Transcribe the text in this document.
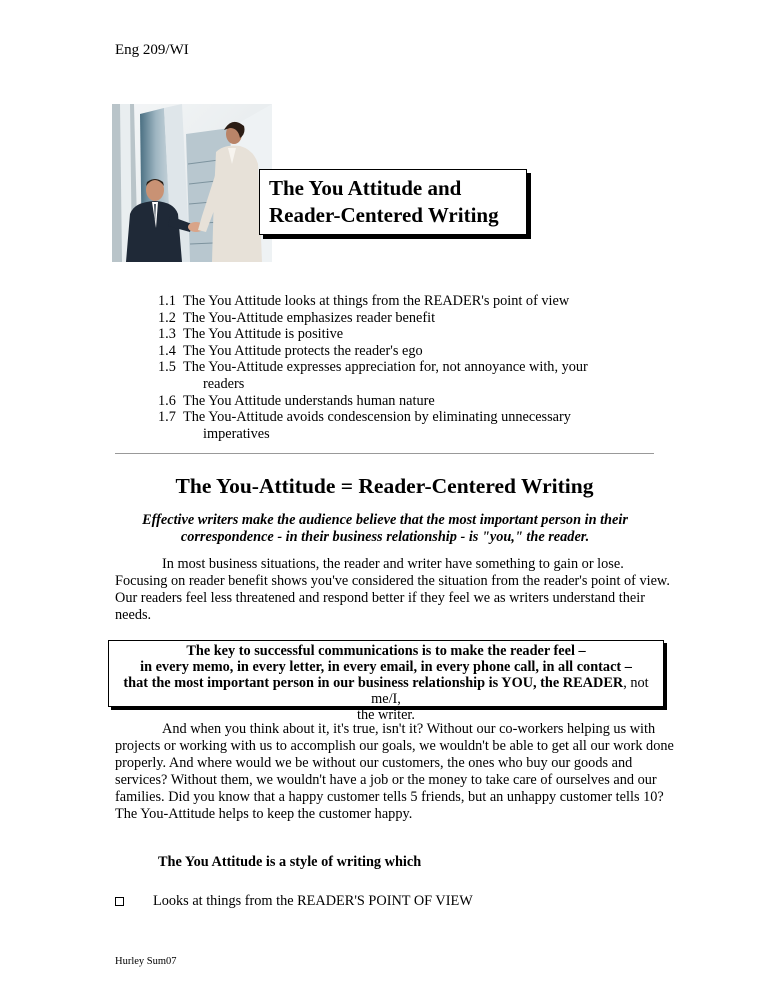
Eng 209/WI
The You Attitude and
Reader-Centered Writing
1.1 The You Attitude looks at things from the READER's point of view
1.2 The You-Attitude emphasizes reader benefit
1.3 The You Attitude is positive
1.4 The You Attitude protects the reader's ego
1.5 The You-Attitude expresses appreciation for, not annoyance with, your
readers
1.6 The You Attitude understands human nature
1.7 The You-Attitude avoids condescension by eliminating unnecessary
imperatives
The You-Attitude = Reader-Centered Writing
Effective writers make the audience believe that the most important person in their
correspondence - in their business relationship - is "you," the reader.
In most business situations, the reader and writer have something to gain or lose.
Focusing on reader benefit shows you've considered the situation from the reader's point of view.
Our readers feel less threatened and respond better if they feel we as writers understand their
needs.
The key to successful communications is to make the reader feel –
in every memo, in every letter, in every email, in every phone call, in all contact –
that the most important person in our business relationship is YOU, the READER, not me/I,
the writer.
And when you think about it, it's true, isn't it? Without our co-workers helping us with
projects or working with us to accomplish our goals, we wouldn't be able to get all our work done
properly. And where would we be without our customers, the ones who buy our goods and
services? Without them, we wouldn't have a job or the money to take care of ourselves and our
families. Did you know that a happy customer tells 5 friends, but an unhappy customer tells 10?
The You-Attitude helps to keep the customer happy.
The You Attitude is a style of writing which
Looks at things from the READER'S POINT OF VIEW
Hurley Sum07
